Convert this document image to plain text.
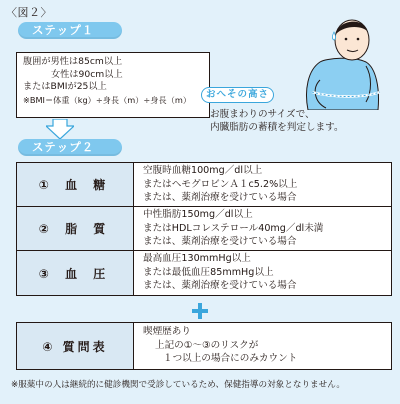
〈図２〉
ステップ１
腹囲が男性は85cm以上
女性は90cm以上
またはBMIが25以上
※BMI＝体重（kg）÷身長（m）÷身長（m）	おへその高さ
お腹まわりのサイズで、
内臓脂肪の蓄積を判定します。
ステップ２
① 血 糖
空腹時血糖100mg／dl以上
またはヘモグロビンＡ１c5.2%以上
または、薬剤治療を受けている場合
② 脂 質
中性脂肪150mg／dl以上
またはHDLコレステロール40mg／dl未満
または、薬剤治療を受けている場合
③ 血 圧
最高血圧130mmHg以上
または最低血圧85mmHg以上
または、薬剤治療を受けている場合
④ 質問表
喫煙歴あり
上記の①～③のリスクが
１つ以上の場合にのみカウント
※服薬中の人は継続的に健診機関で受診しているため、保健指導の対象となりません。
